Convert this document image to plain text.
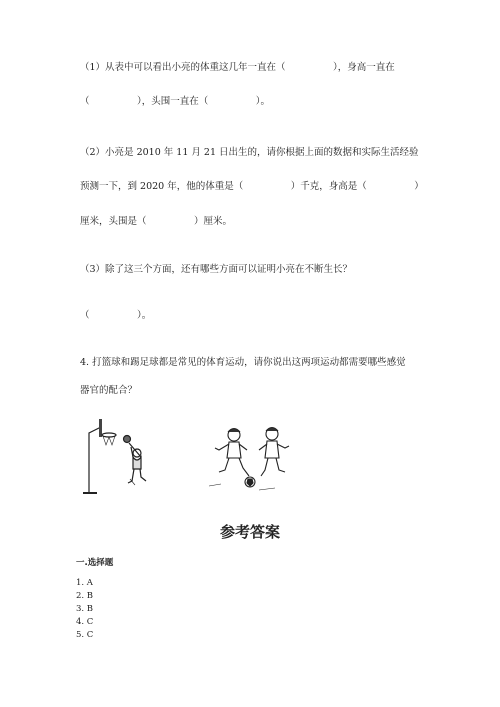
（1）从表中可以看出小亮的体重这几年一直在（　　　　　），身高一直在
（　　　　　），头围一直在（　　　　　）。
（2）小亮是 2010 年 11 月 21 日出生的，请你根据上面的数据和实际生活经验
预测一下，到 2020 年，他的体重是（　　　　　）千克，身高是（　　　　　）
厘米，头围是（　　　　　）厘米。
（3）除了这三个方面，还有哪些方面可以证明小亮在不断生长？
（　　　　　）。
4. 打篮球和踢足球都是常见的体育运动，请你说出这两项运动都需要哪些感觉
器官的配合？
参考答案
一.选择题
1. A
2. B
3. B
4. C
5. C
